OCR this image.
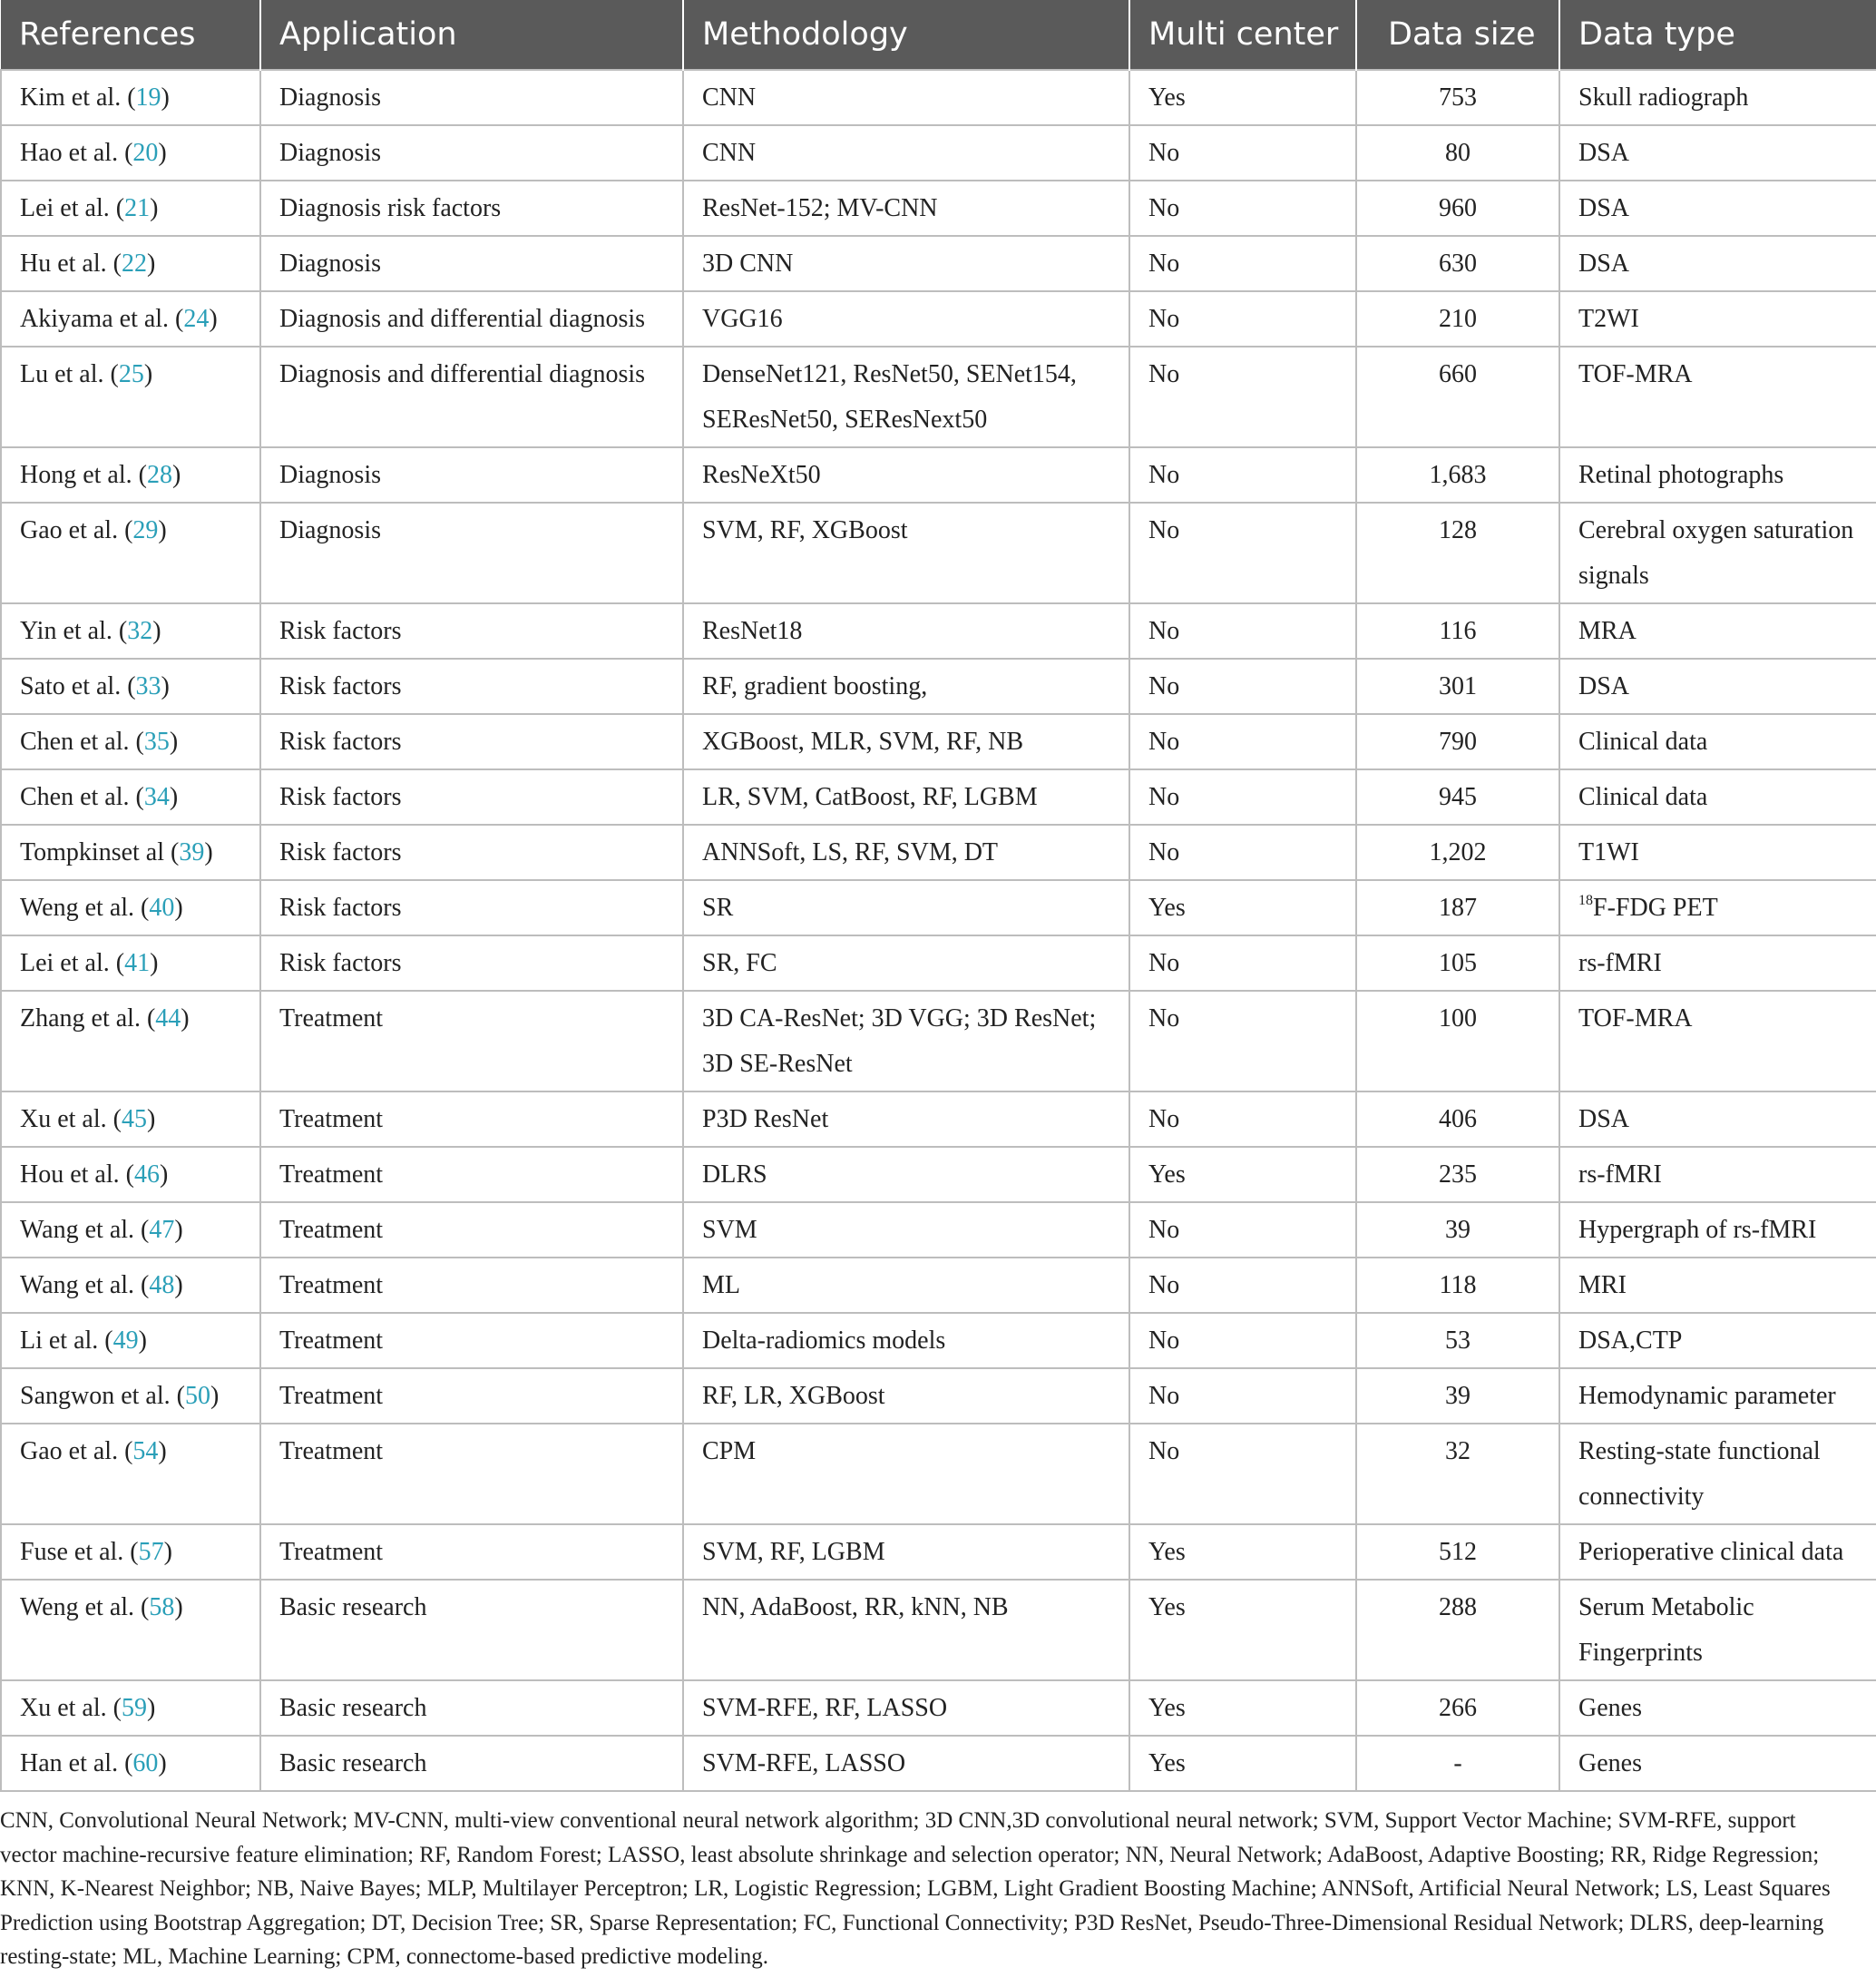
References	Application	Methodology	Multi center	Data size	Data type
Kim et al. (19)	Diagnosis	CNN	Yes	753	Skull radiograph
Hao et al. (20)	Diagnosis	CNN	No	80	DSA
Lei et al. (21)	Diagnosis risk factors	ResNet-152; MV-CNN	No	960	DSA
Hu et al. (22)	Diagnosis	3D CNN	No	630	DSA
Akiyama et al. (24)	Diagnosis and differential diagnosis	VGG16	No	210	T2WI
Lu et al. (25)	Diagnosis and differential diagnosis	DenseNet121, ResNet50, SENet154, SEResNet50, SEResNext50	No	660	TOF-MRA
Hong et al. (28)	Diagnosis	ResNeXt50	No	1,683	Retinal photographs
Gao et al. (29)	Diagnosis	SVM, RF, XGBoost	No	128	Cerebral oxygen saturation signals
Yin et al. (32)	Risk factors	ResNet18	No	116	MRA
Sato et al. (33)	Risk factors	RF, gradient boosting,	No	301	DSA
Chen et al. (35)	Risk factors	XGBoost, MLR, SVM, RF, NB	No	790	Clinical data
Chen et al. (34)	Risk factors	LR, SVM, CatBoost, RF, LGBM	No	945	Clinical data
Tompkinset al (39)	Risk factors	ANNSoft, LS, RF, SVM, DT	No	1,202	T1WI
Weng et al. (40)	Risk factors	SR	Yes	187	$^{18}$F-FDG PET
Lei et al. (41)	Risk factors	SR, FC	No	105	rs-fMRI
Zhang et al. (44)	Treatment	3D CA-ResNet; 3D VGG; 3D ResNet; 3D SE-ResNet	No	100	TOF-MRA
Xu et al. (45)	Treatment	P3D ResNet	No	406	DSA
Hou et al. (46)	Treatment	DLRS	Yes	235	rs-fMRI
Wang et al. (47)	Treatment	SVM	No	39	Hypergraph of rs-fMRI
Wang et al. (48)	Treatment	ML	No	118	MRI
Li et al. (49)	Treatment	Delta-radiomics models	No	53	DSA,CTP
Sangwon et al. (50)	Treatment	RF, LR, XGBoost	No	39	Hemodynamic parameter
Gao et al. (54)	Treatment	CPM	No	32	Resting-state functional connectivity
Fuse et al. (57)	Treatment	SVM, RF, LGBM	Yes	512	Perioperative clinical data
Weng et al. (58)	Basic research	NN, AdaBoost, RR, kNN, NB	Yes	288	Serum Metabolic Fingerprints
Xu et al. (59)	Basic research	SVM-RFE, RF, LASSO	Yes	266	Genes
Han et al. (60)	Basic research	SVM-RFE, LASSO	Yes	-	Genes
CNN, Convolutional Neural Network; MV-CNN, multi-view conventional neural network algorithm; 3D CNN,3D convolutional neural network; SVM, Support Vector Machine; SVM-RFE, support vector machine-recursive feature elimination; RF, Random Forest; LASSO, least absolute shrinkage and selection operator; NN, Neural Network; AdaBoost, Adaptive Boosting; RR, Ridge Regression; KNN, K-Nearest Neighbor; NB, Naive Bayes; MLP, Multilayer Perceptron; LR, Logistic Regression; LGBM, Light Gradient Boosting Machine; ANNSoft, Artificial Neural Network; LS, Least Squares Prediction using Bootstrap Aggregation; DT, Decision Tree; SR, Sparse Representation; FC, Functional Connectivity; P3D ResNet, Pseudo-Three-Dimensional Residual Network; DLRS, deep-learning resting-state; ML, Machine Learning; CPM, connectome-based predictive modeling.
